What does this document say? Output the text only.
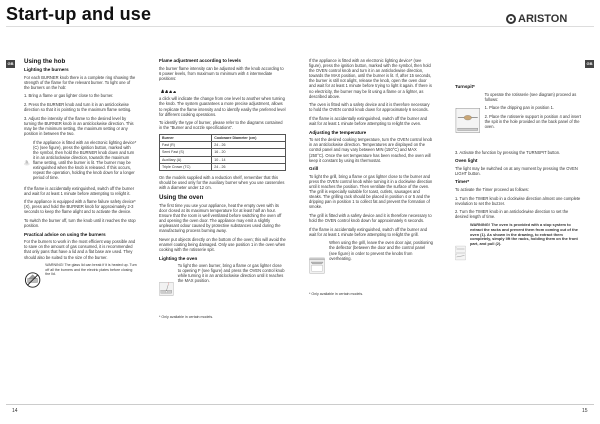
Start-up and use	ARISTON
GB	GB
Using the hob
Lighting the burners
For each BURNER knob there is a complete ring showing the strength of the flame for the relevant burner. To light one of the burners on the hob:
1. Bring a flame or gas lighter close to the burner.
2. Press the BURNER knob and turn it in an anticlockwise direction so that it is pointing to the maximum flame setting.
3. Adjust the intensity of the flame to the desired level by turning the BURNER knob in an anticlockwise direction. This may be the minimum setting, the maximum setting or any position in between the two.
If the appliance is fitted with an electronic lighting device* (C) (see figure), press the ignition button, marked with the symbol, then hold the BURNER knob down and turn it in an anticlockwise direction, towards the maximum flame setting, until the burner is lit. The burner may be extinguished when the knob is released. If this occurs, repeat the operation, holding the knob down for a longer period of time.
If the flame is accidentally extinguished, switch off the burner and wait for at least 1 minute before attempting to relight it.
If the appliance is equipped with a flame failure safety device* (X), press and hold the BURNER knob for approximately 2-3 seconds to keep the flame alight and to activate the device.
To switch the burner off, turn the knob until it reaches the stop position.
Practical advice on using the burners
For the burners to work in the most efficient way possible and to save on the amount of gas consumed, it is recommended that only pans that have a lid and a flat base are used. They should also be suited to the size of the burner.
WARNING! The glass lid can break if it is heated up. Turn off all the burners and the electric plates before closing the lid.
Flame adjustment according to levels
the burner flame intensity can be adjusted with the knob according to 6 power levels, from maximum to minimum with 4 intermediate positions:
a click will indicate the change from one level to another when turning the knob. The system guarantees a more precise adjustment, allows to replicate the flame intensity and to identify easily the preferred level for different cooking operations.
To identify the type of burner, please refer to the diagrams contained in the "Burner and nozzle specifications".
Burner	Cookware Diameter (cm)
Fast (R)	24 - 26
Semi Fast (S)	16 - 20
Auxiliary (A)	10 - 14
Triple Crown (TC)	24 - 26
On the models supplied with a reduction shelf, remember that this should be used only for the auxiliary burner when you use casseroles with a diameter under 12 cm.
Using the oven
The first time you use your appliance, heat the empty oven with its door closed at its maximum temperature for at least half an hour. Ensure that the room is well ventilated before switching the oven off and opening the oven door. The appliance may emit a slightly unpleasant odour caused by protective substances used during the manufacturing process burning away.
Never put objects directly on the bottom of the oven; this will avoid the enamel coating being damaged. Only use position 1 in the oven when cooking with the rotisserie spit.
Lighting the oven
To light the oven burner, bring a flame or gas lighter close to opening F (see figure) and press the OVEN control knob while turning it in an anticlockwise direction until it reaches the MAX position.
* Only available in certain models.
If the appliance is fitted with an electronic lighting device* (see figure), press the ignition button, marked with the symbol, then hold the OVEN control knob and turn it in an anticlockwise direction, towards the MAX position, until the burner is lit. If, after 15 seconds, the burner is still not alight, release the knob, open the oven door and wait for at least 1 minute before trying to light it again. If there is no electricity, the burner may be lit using a flame or a lighter, as described above.
The oven is fitted with a safety device and it is therefore necessary to hold the OVEN control knob down for approximately 6 seconds.
If the flame is accidentally extinguished, switch off the burner and wait for at least 1 minute before attempting to relight the oven.
Adjusting the temperature
To set the desired cooking temperature, turn the OVEN control knob in an anticlockwise direction. Temperatures are displayed on the control panel and may vary between MIN (150°C) and MAX (250°C). Once the set temperature has been reached, the oven will keep it constant by using its thermostat.
Grill
To light the grill, bring a flame or gas lighter close to the burner and press the OVEN control knob while turning it in a clockwise direction until it reaches the position. Then ventilate the surface of the oven. The grill is especially suitable for toast, cutlets, sausages and steaks. The grilling rack should be placed in position 4 or 5 and the dripping pan in position 1 to collect fat and prevent the formation of smoke.
The grill is fitted with a safety device and it is therefore necessary to hold the OVEN control knob down for approximately 6 seconds.
If the flame is accidentally extinguished, switch off the burner and wait for at least 1 minute before attempting to relight the grill.
When using the grill, leave the oven door ajar, positioning the deflector (between the door and the control panel (see figure) in order to prevent the knobs from overheating.
* Only available in certain models.
Turnspit*
To operate the rotisserie (see diagram) proceed as follows:
1. Place the dripping pan in position 1.
2. Place the rotisserie support in position 4 and insert the spit in the hole provided on the back panel of the oven.
3. Activate the function by pressing the TURNSPIT button.
Oven light
The light may be switched on at any moment by pressing the OVEN LIGHT button.
Timer*
To activate the Timer proceed as follows:
1. Turn the TIMER knob in a clockwise direction almost one complete revolution to set the buzzer.
2. Turn the TIMER knob in an anticlockwise direction to set the desired length of time.
1
2
WARNING! The oven is provided with a stop system to extract the racks and prevent them from coming out of the oven (1). As shown in the drawing, to extract them completely, simply lift the racks, holding them on the front part, and pull (2).
14	15
